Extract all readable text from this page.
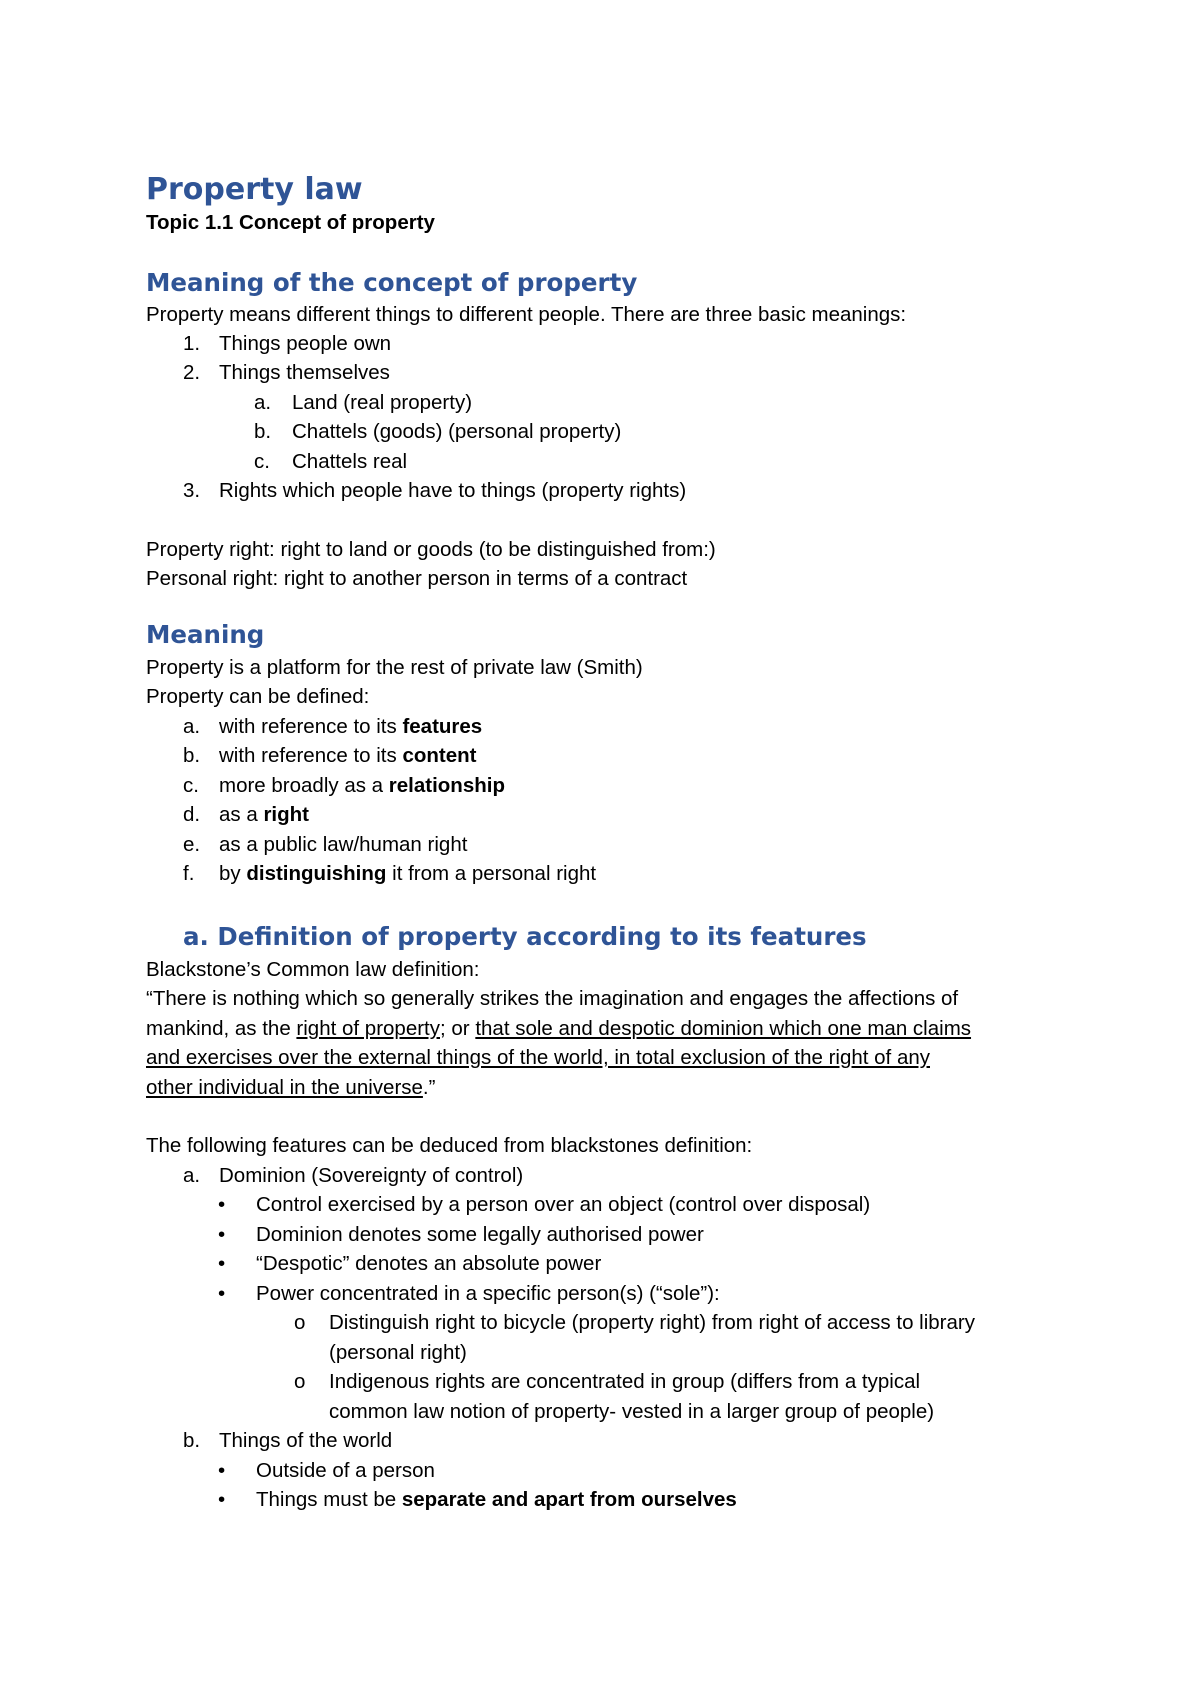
Property law
Topic 1.1 Concept of property
Meaning of the concept of property
Property means different things to different people. There are three basic meanings:
1. Things people own
2. Things themselves
a. Land (real property)
b. Chattels (goods) (personal property)
c. Chattels real
3. Rights which people have to things (property rights)
Property right: right to land or goods (to be distinguished from:)
Personal right: right to another person in terms of a contract
Meaning
Property is a platform for the rest of private law (Smith)
Property can be defined:
a. with reference to its features
b. with reference to its content
c. more broadly as a relationship
d. as a right
e. as a public law/human right
f. by distinguishing it from a personal right
a. Definition of property according to its features
Blackstone’s Common law definition:
“There is nothing which so generally strikes the imagination and engages the affections of
mankind, as the right of property; or that sole and despotic dominion which one man claims
and exercises over the external things of the world, in total exclusion of the right of any
other individual in the universe.”
The following features can be deduced from blackstones definition:
a. Dominion (Sovereignty of control)
• Control exercised by a person over an object (control over disposal)
• Dominion denotes some legally authorised power
• “Despotic” denotes an absolute power
• Power concentrated in a specific person(s) (“sole”):
o Distinguish right to bicycle (property right) from right of access to library
(personal right)
o Indigenous rights are concentrated in group (differs from a typical
common law notion of property- vested in a larger group of people)
b. Things of the world
• Outside of a person
• Things must be separate and apart from ourselves
